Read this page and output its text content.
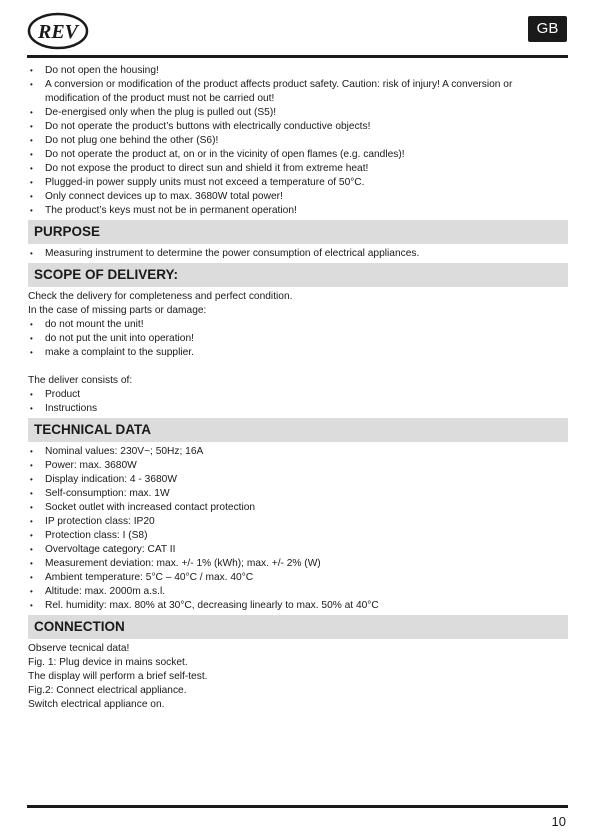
REV	GB
• Do not open the housing!
• A conversion or modification of the product affects product safety. Caution: risk of injury! A conversion or modification of the product must not be carried out!
• De-energised only when the plug is pulled out (S5)!
• Do not operate the product’s buttons with electrically conductive objects!
• Do not plug one behind the other (S6)!
• Do not operate the product at, on or in the vicinity of open flames (e.g. candles)!
• Do not expose the product to direct sun and shield it from extreme heat!
• Plugged-in power supply units must not exceed a temperature of 50°C.
• Only connect devices up to max. 3680W total power!
• The product’s keys must not be in permanent operation!
PURPOSE
• Measuring instrument to determine the power consumption of electrical appliances.
SCOPE OF DELIVERY:

Check the delivery for completeness and perfect condition.

In the case of missing parts or damage:

• do not mount the unit!
• do not put the unit into operation!
• make a complaint to the supplier.

The deliver consists of:

• Product
• Instructions
TECHNICAL DATA
• Nominal values: 230V~; 50Hz; 16A
• Power: max. 3680W
• Display indication: 4 - 3680W
• Self-consumption: max. 1W
• Socket outlet with increased contact protection
• IP protection class: IP20
• Protection class: I (S8)
• Overvoltage category: CAT II
• Measurement deviation: max. +/- 1% (kWh); max. +/- 2% (W)
• Ambient temperature: 5°C – 40°C / max. 40°C
• Altitude: max. 2000m a.s.l.
• Rel. humidity: max. 80% at 30°C, decreasing linearly to max. 50% at 40°C
CONNECTION

Observe tecnical data!

Fig. 1: Plug device in mains socket.

The display will perform a brief self-test.

Fig.2: Connect electrical appliance.

Switch electrical appliance on.

10
